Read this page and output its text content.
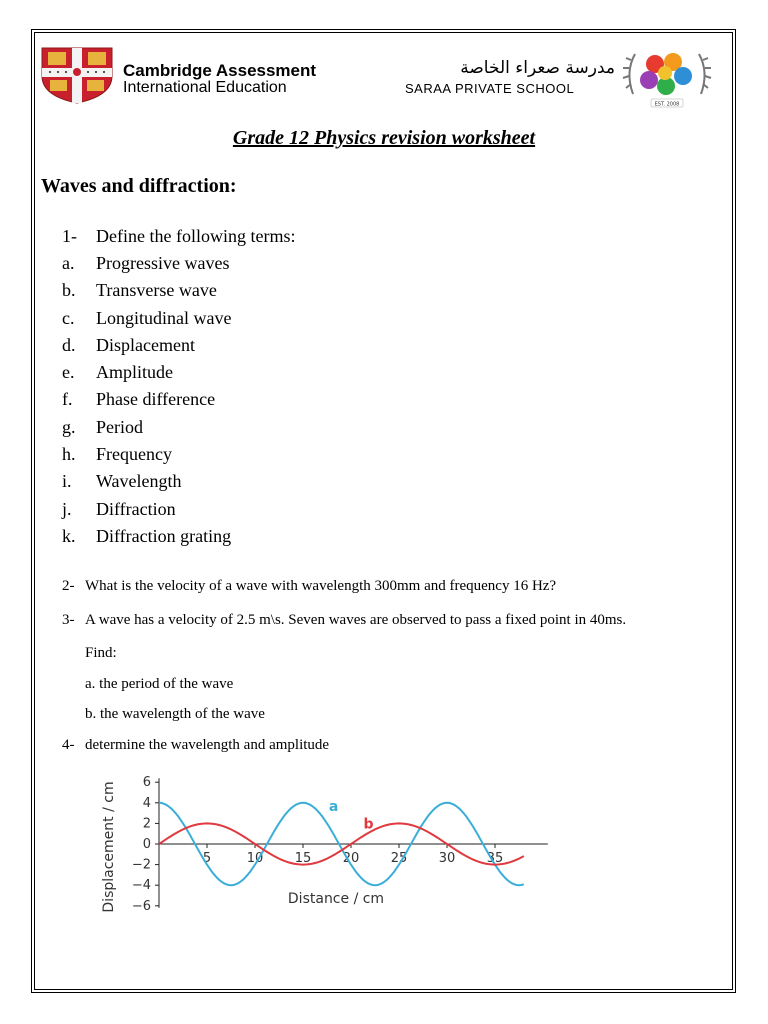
Cambridge Assessment
International Education
مدرسة صعراء الخاصة
SARAA PRIVATE SCHOOL
EST. 2008
Grade 12 Physics revision worksheet
Waves and diffraction:
1- Define the following terms:
a.	Progressive waves
b.	Transverse wave
c.	Longitudinal wave
d.	Displacement
e.	Amplitude
f.	Phase difference
g.	Period
h.	Frequency
i.	Wavelength
j.	Diffraction
k.	Diffraction grating
2- What is the velocity of a wave with wavelength 300mm and frequency 16 Hz?
3- A wave has a velocity of 2.5 m\s. Seven waves are observed to pass a fixed point in 40ms.
Find:
a. the period of the wave
b. the wavelength of the wave
4- determine the wavelength and amplitude
6
4
2
0
−2
−4
−6
5	10 15 20 25 30 35
a
b
Distance / cm
Displacement / cm
